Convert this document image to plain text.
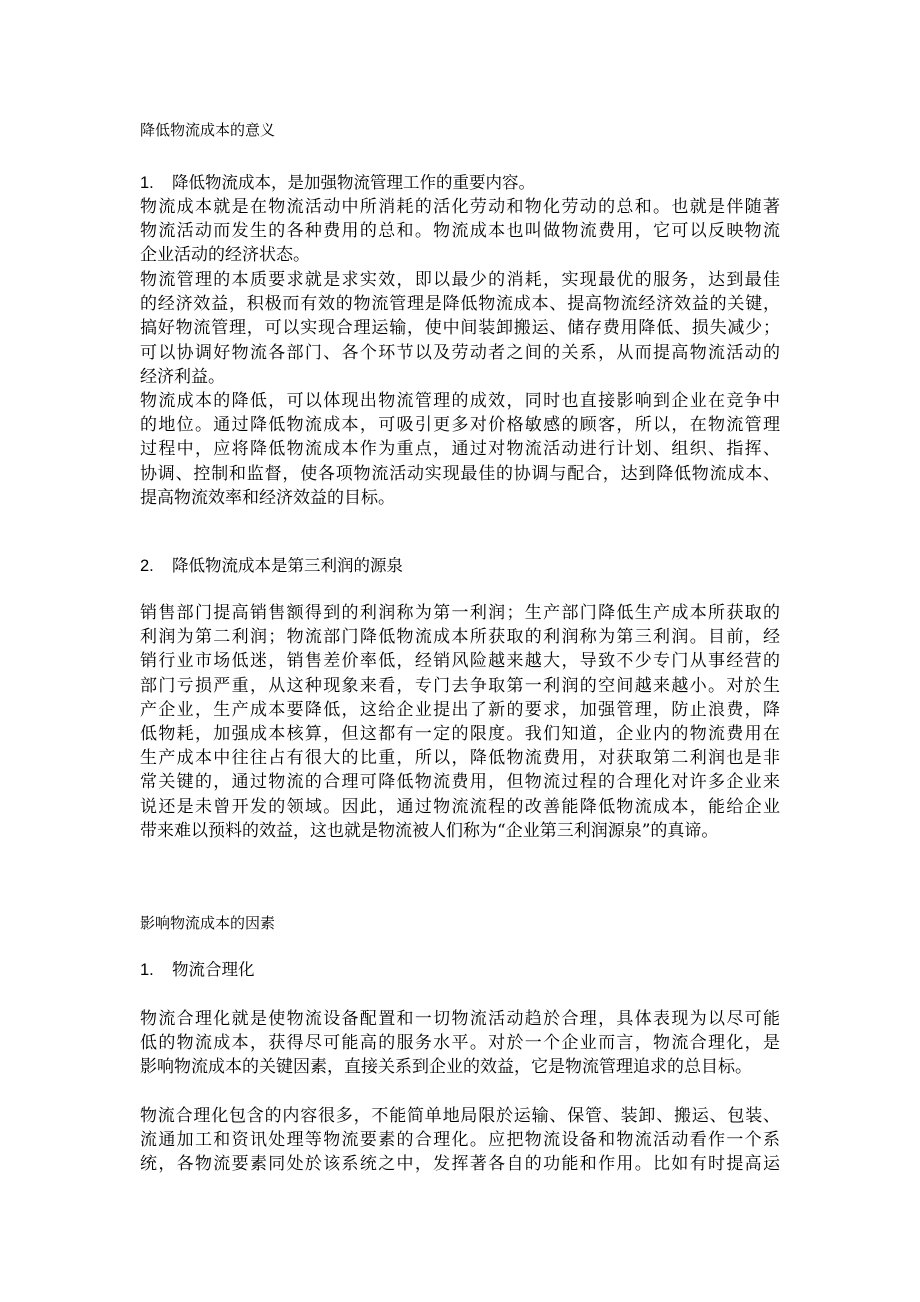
降低物流成本的意义
1. 降低物流成本，是加强物流管理工作的重要内容。
物流成本就是在物流活动中所消耗的活化劳动和物化劳动的总和。也就是伴随著
物流活动而发生的各种费用的总和。物流成本也叫做物流费用，它可以反映物流
企业活动的经济状态。
物流管理的本质要求就是求实效，即以最少的消耗，实现最优的服务，达到最佳
的经济效益，积极而有效的物流管理是降低物流成本、提高物流经济效益的关键，
搞好物流管理，可以实现合理运输，使中间装卸搬运、储存费用降低、损失减少；
可以协调好物流各部门、各个环节以及劳动者之间的关系，从而提高物流活动的
经济利益。
物流成本的降低，可以体现出物流管理的成效，同时也直接影响到企业在竞争中
的地位。通过降低物流成本，可吸引更多对价格敏感的顾客，所以，在物流管理
过程中，应将降低物流成本作为重点，通过对物流活动进行计划、组织、指挥、
协调、控制和监督，使各项物流活动实现最佳的协调与配合，达到降低物流成本、
提高物流效率和经济效益的目标。
2. 降低物流成本是第三利润的源泉
销售部门提高销售额得到的利润称为第一利润；生产部门降低生产成本所获取的
利润为第二利润；物流部门降低物流成本所获取的利润称为第三利润。目前，经
销行业市场低迷，销售差价率低，经销风险越来越大，导致不少专门从事经营的
部门亏损严重，从这种现象来看，专门去争取第一利润的空间越来越小。对於生
产企业，生产成本要降低，这给企业提出了新的要求，加强管理，防止浪费，降
低物耗，加强成本核算，但这都有一定的限度。我们知道，企业内的物流费用在
生产成本中往往占有很大的比重，所以，降低物流费用，对获取第二利润也是非
常关键的，通过物流的合理可降低物流费用，但物流过程的合理化对许多企业来
说还是未曾开发的领域。因此，通过物流流程的改善能降低物流成本，能给企业
带来难以预料的效益，这也就是物流被人们称为“企业第三利润源泉”的真谛。
影响物流成本的因素
1. 物流合理化
物流合理化就是使物流设备配置和一切物流活动趋於合理，具体表现为以尽可能
低的物流成本，获得尽可能高的服务水平。对於一个企业而言，物流合理化，是
影响物流成本的关键因素，直接关系到企业的效益，它是物流管理追求的总目标。
物流合理化包含的内容很多，不能简单地局限於运输、保管、装卸、搬运、包装、
流通加工和资讯处理等物流要素的合理化。应把物流设备和物流活动看作一个系
统，各物流要素同处於该系统之中，发挥著各自的功能和作用。比如有时提高运
